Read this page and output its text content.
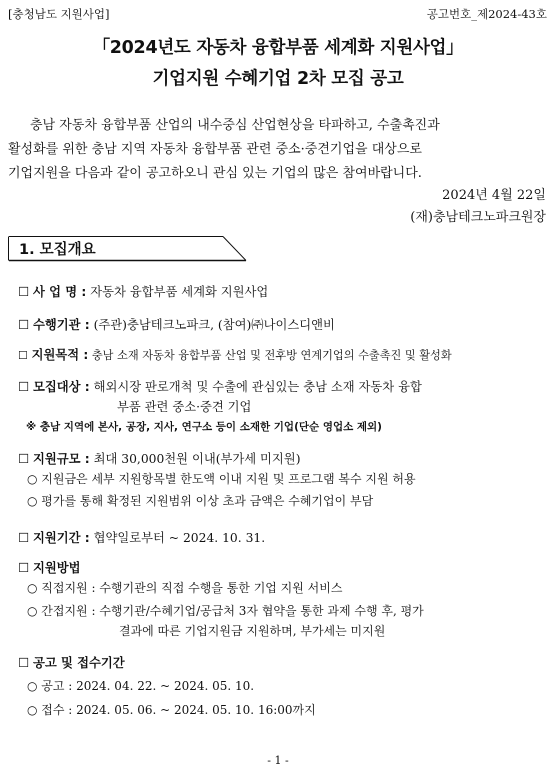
[충청남도 지원사업]	공고번호_제2024-43호
「2024년도 자동차 융합부품 세계화 지원사업」
기업지원 수혜기업 2차 모집 공고
충남 자동차 융합부품 산업의 내수중심 산업현상을 타파하고, 수출촉진과
활성화를 위한 충남 지역 자동차 융합부품 관련 중소·중견기업을 대상으로
기업지원을 다음과 같이 공고하오니 관심 있는 기업의 많은 참여바랍니다.
2024년 4월 22일
(재)충남테크노파크원장
1. 모집개요
☐ 사 업 명 : 자동차 융합부품 세계화 지원사업
☐ 수행기관 : (주관)충남테크노파크, (참여)㈜나이스디앤비
☐ 지원목적 : 충남 소재 자동차 융합부품 산업 및 전후방 연계기업의 수출촉진 및 활성화
☐ 모집대상 : 해외시장 판로개척 및 수출에 관심있는 충남 소재 자동차 융합
부품 관련 중소·중견 기업
※ 충남 지역에 본사, 공장, 지사, 연구소 등이 소재한 기업(단순 영업소 제외)
☐ 지원규모 : 최대 30,000천원 이내(부가세 미지원)
○ 지원금은 세부 지원항목별 한도액 이내 지원 및 프로그램 복수 지원 허용
○ 평가를 통해 확정된 지원범위 이상 초과 금액은 수혜기업이 부담
☐ 지원기간 : 협약일로부터 ~ 2024. 10. 31.
☐ 지원방법
○ 직접지원 : 수행기관의 직접 수행을 통한 기업 지원 서비스
○ 간접지원 : 수행기관/수혜기업/공급처 3자 협약을 통한 과제 수행 후, 평가
결과에 따른 기업지원금 지원하며, 부가세는 미지원
☐ 공고 및 접수기간
○ 공고 : 2024. 04. 22. ~ 2024. 05. 10.
○ 접수 : 2024. 05. 06. ~ 2024. 05. 10. 16:00까지
- 1 -
